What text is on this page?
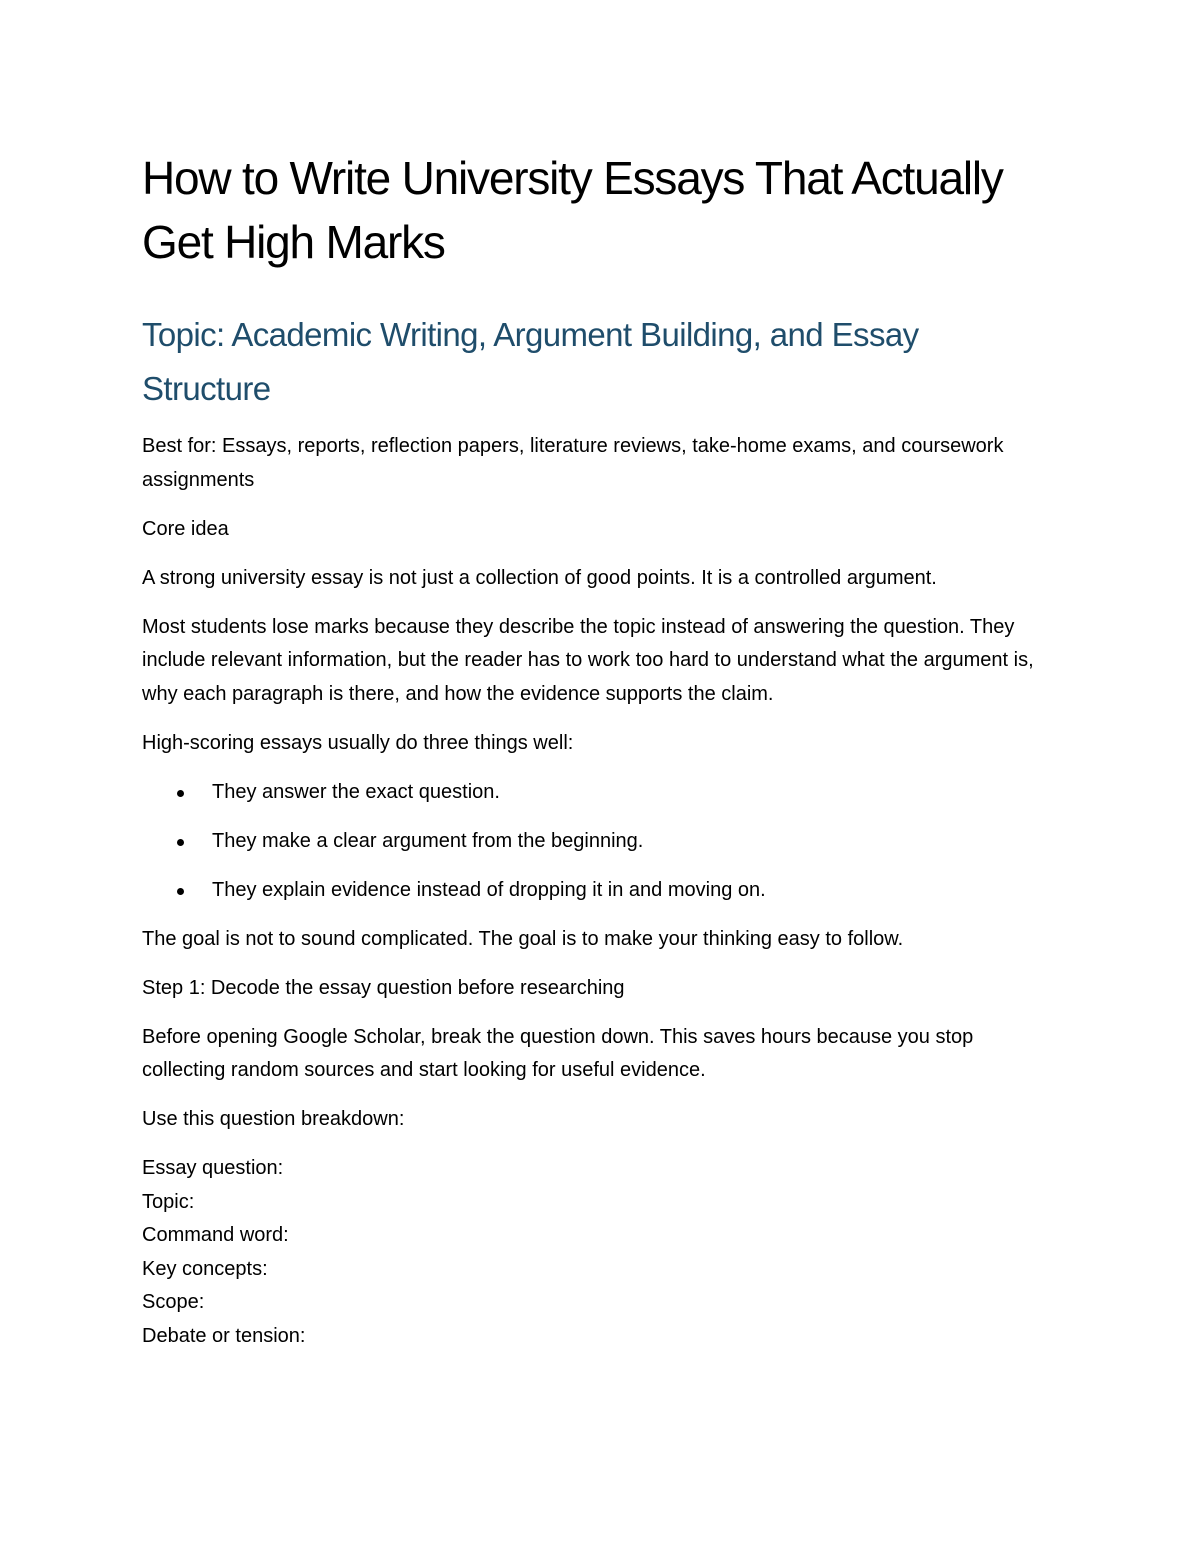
How to Write University Essays That Actually Get High Marks
Topic: Academic Writing, Argument Building, and Essay Structure

Best for: Essays, reports, reflection papers, literature reviews, take-home exams, and coursework assignments

Core idea

A strong university essay is not just a collection of good points. It is a controlled argument.

Most students lose marks because they describe the topic instead of answering the question. They include relevant information, but the reader has to work too hard to understand what the argument is, why each paragraph is there, and how the evidence supports the claim.

High-scoring essays usually do three things well:

They answer the exact question.
They make a clear argument from the beginning.
They explain evidence instead of dropping it in and moving on.

The goal is not to sound complicated. The goal is to make your thinking easy to follow.

Step 1: Decode the essay question before researching

Before opening Google Scholar, break the question down. This saves hours because you stop collecting random sources and start looking for useful evidence.

Use this question breakdown:

Essay question:
Topic:
Command word:
Key concepts:
Scope:
Debate or tension:
